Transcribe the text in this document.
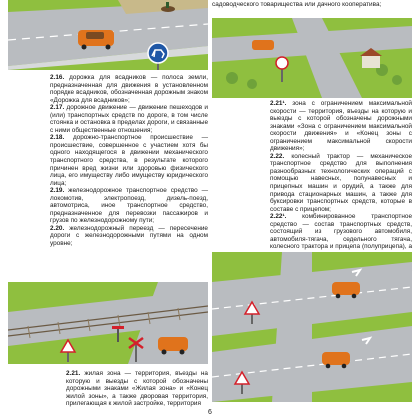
2.16. дорожка для всадников — полоса земли, предназначенная для движения в установленном порядке всадников, обозначенная дорожным знаком «Дорожка для всадников»;

2.17. дорожное движение — движение пешеходов и (или) транспортных средств по дороге, в том числе стоянка и остановка в пределах дороги, и связанные с ними общественные отношения;

2.18. дорожно-транспортное происшествие — происшествие, совершенное с участием хотя бы одного находящегося в движении механического транспортного средства, в результате которого причинен вред жизни или здоровью физического лица, его имуществу либо имуществу юридического лица;

2.19. железнодорожное транспортное средство — локомотив, электропоезд, дизель-поезд, автомотриса, иное транспортное средство, предназначенное для перевозки пассажиров и грузов по железнодорожному пути;

2.20. железнодорожный переезд — пересечение дороги с железнодорожными путями на одном уровне;

2.21. жилая зона — территория, въезды на которую и выезды с которой обозначены дорожными знаками «Жилая зона» и «Конец жилой зоны», а также дворовая территория, прилегающая к жилой застройке, территория

садоводческого товарищества или дачного кооператива;

2.21¹. зона с ограничением максимальной скорости — территория, въезды на которую и выезды с которой обозначены дорожными знаками «Зона с ограничением максимальной скорости движения» и «Конец зоны с ограничением максимальной скорости движения»;

2.22. колесный трактор — механическое транспортное средство для выполнения разнообразных технологических операций с помощью навесных, полунавесных и прицепных машин и орудий, а также для привода стационарных машин, а также для буксировки транспортных средств, которые в составе с прицепом;

2.22¹. комбинированное транспортное средство — состав транспортных средств, состоящий из грузового автомобиля, автомобиля-тягача, седельного тягача, колесного трактора и прицепа (полуприцепа), а

6
